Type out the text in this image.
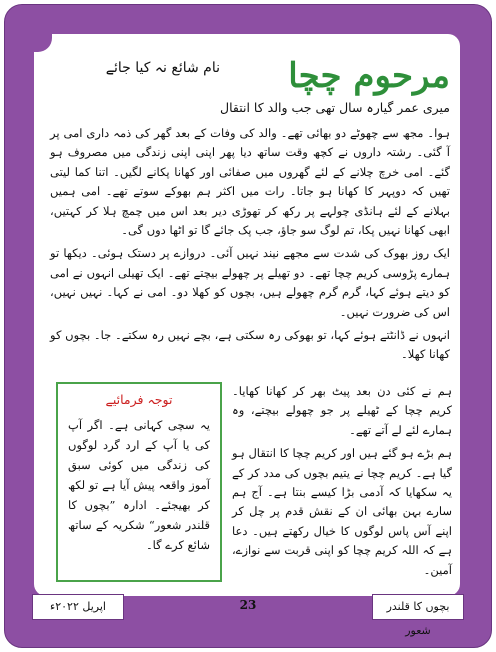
مرحوم چچا
نام شائع نہ کیا جائے
میری عمر گیارہ سال تھی جب والد کا انتقال

ہوا۔ مجھ سے چھوٹے دو بھائی تھے۔ والد کی وفات کے بعد گھر کی ذمہ داری امی پر آ گئی۔ رشتہ داروں نے کچھ وقت ساتھ دیا پھر اپنی اپنی زندگی میں مصروف ہو گئے۔ امی خرچ چلانے کے لئے گھروں میں صفائی اور کھانا پکانے لگیں۔ اتنا کما لیتی تھیں کہ دوپہر کا کھانا ہو جاتا۔ رات میں اکثر ہم بھوکے سوتے تھے۔ امی ہمیں بہلانے کے لئے ہانڈی چولہے پر رکھ کر تھوڑی دیر بعد اس میں چمچ ہلا کر کہتیں، ابھی کھانا نہیں پکا، تم لوگ سو جاؤ، جب پک جائے گا تو اٹھا دوں گی۔

ایک روز بھوک کی شدت سے مجھے نیند نہیں آئی۔ دروازے پر دستک ہوئی۔ دیکھا تو ہمارے پڑوسی کریم چچا تھے۔ دو تھیلے پر چھولے بیچتے تھے۔ ایک تھیلی انہوں نے امی کو دیتے ہوئے کہا، گرم گرم چھولے ہیں، بچوں کو کھلا دو۔ امی نے کہا۔ نہیں نہیں، اس کی ضرورت نہیں۔

انہوں نے ڈانٹتے ہوئے کہا، تو بھوکی رہ سکتی ہے، بچے نہیں رہ سکتے۔ جا۔ بچوں کو کھانا کھلا۔

ہم نے کئی دن بعد پیٹ بھر کر کھانا کھایا۔ کریم چچا کے ٹھیلے پر جو چھولے بیچتے، وہ ہمارے لئے لے آتے تھے۔

ہم بڑے ہو گئے ہیں اور کریم چچا کا انتقال ہو گیا ہے۔ کریم چچا نے یتیم بچوں کی مدد کر کے یہ سکھایا کہ آدمی بڑا کیسے بنتا ہے۔ آج ہم سارے بہن بھائی ان کے نقش قدم پر چل کر اپنے آس پاس لوگوں کا خیال رکھتے ہیں۔ دعا ہے کہ اللہ کریم چچا کو اپنی قربت سے نوازے، آمین۔

توجہ فرمائیے
یہ سچی کہانی ہے۔ اگر آپ کی یا آپ کے ارد گرد لوگوں کی زندگی میں کوئی سبق آموز واقعہ پیش آیا ہے تو لکھ کر بھیجئے۔ ادارہ ”بچوں کا قلندر شعور“ شکریہ کے ساتھ شائع کرے گا۔
بچوں کا قلندر شعور
23
اپریل ۲۰۲۲ء
